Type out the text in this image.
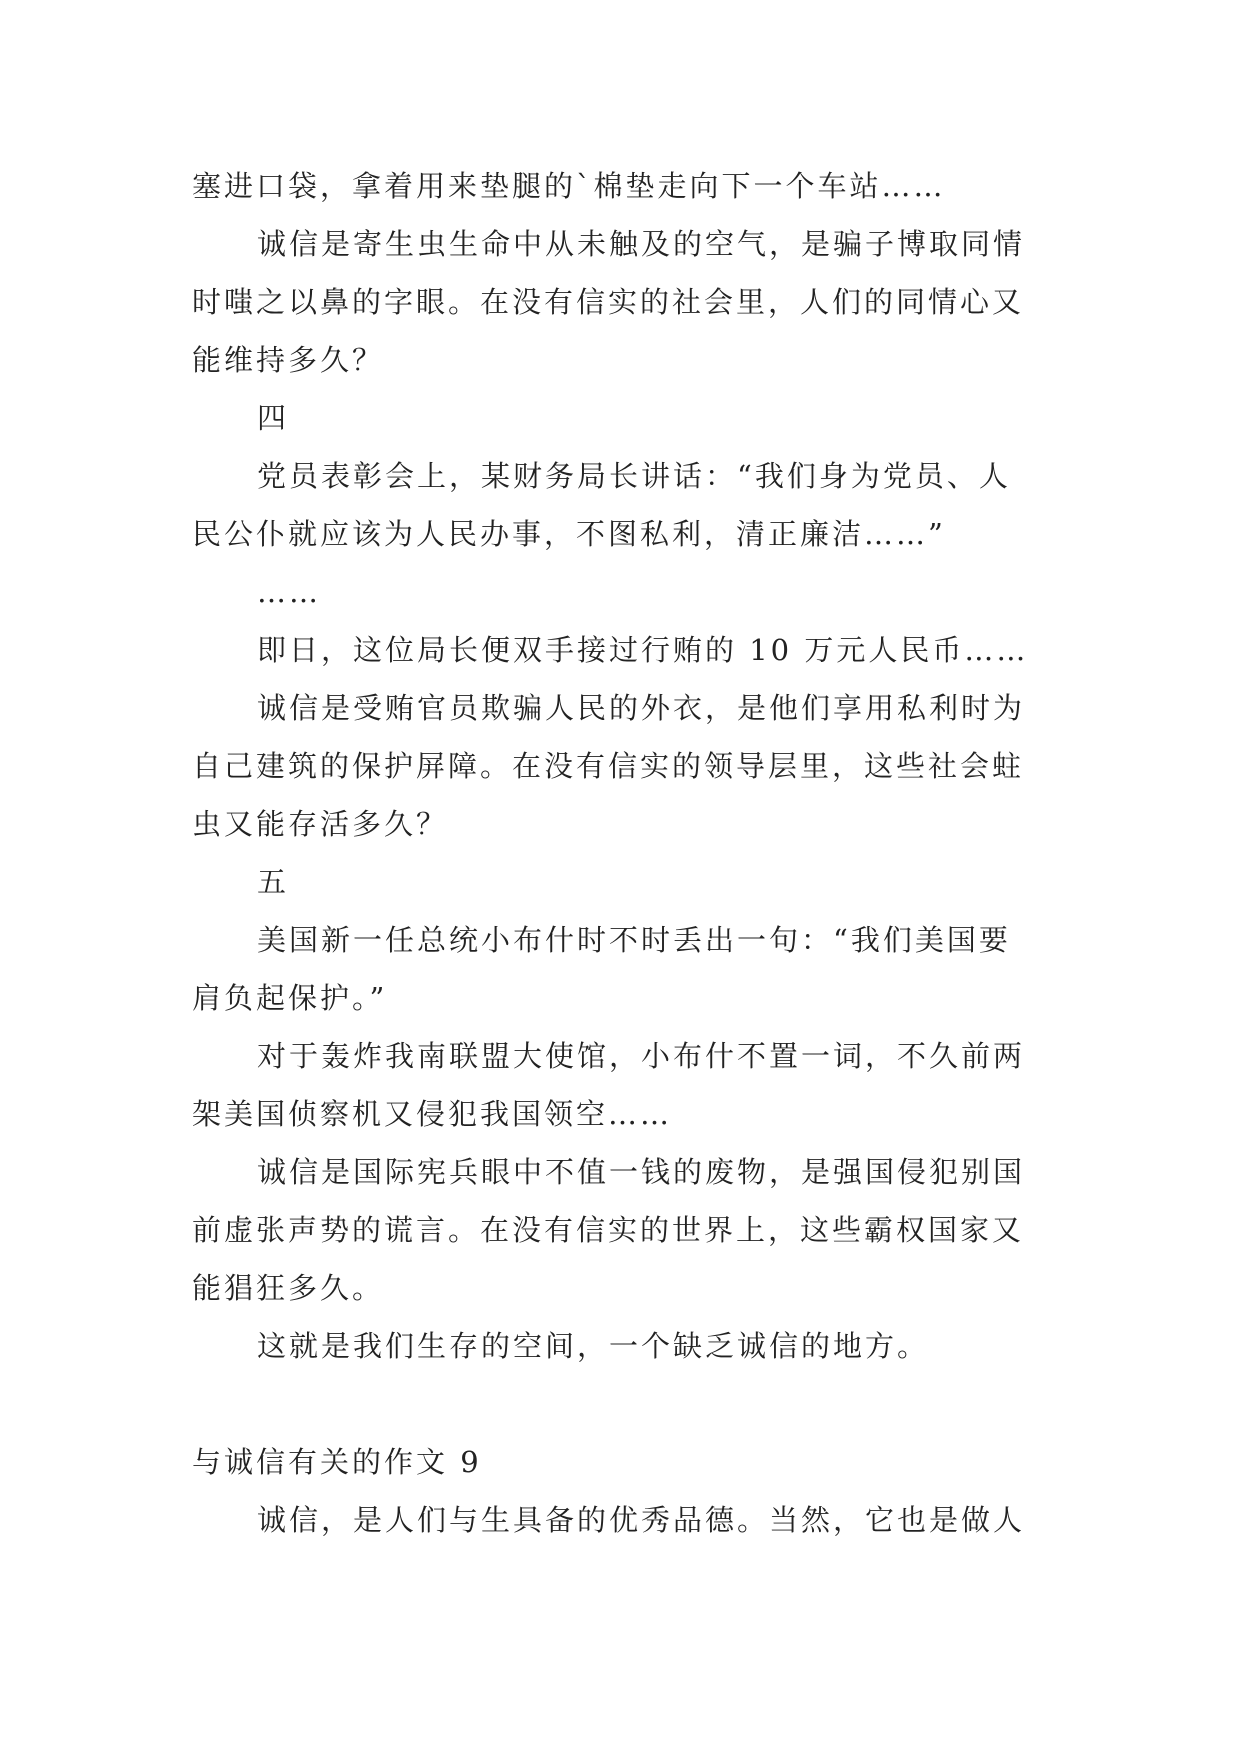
塞进口袋，拿着用来垫腿的`棉垫走向下一个车站……
诚信是寄生虫生命中从未触及的空气，是骗子博取同情
时嗤之以鼻的字眼。在没有信实的社会里，人们的同情心又
能维持多久？
四
党员表彰会上，某财务局长讲话：“我们身为党员、人
民公仆就应该为人民办事，不图私利，清正廉洁……”
……
即日，这位局长便双手接过行贿的 10 万元人民币……
诚信是受贿官员欺骗人民的外衣，是他们享用私利时为
自己建筑的保护屏障。在没有信实的领导层里，这些社会蛀
虫又能存活多久？
五
美国新一任总统小布什时不时丢出一句：“我们美国要
肩负起保护。”
对于轰炸我南联盟大使馆，小布什不置一词，不久前两
架美国侦察机又侵犯我国领空……
诚信是国际宪兵眼中不值一钱的废物，是强国侵犯别国
前虚张声势的谎言。在没有信实的世界上，这些霸权国家又
能猖狂多久。
这就是我们生存的空间，一个缺乏诚信的地方。
与诚信有关的作文 9
诚信，是人们与生具备的优秀品德。当然，它也是做人
